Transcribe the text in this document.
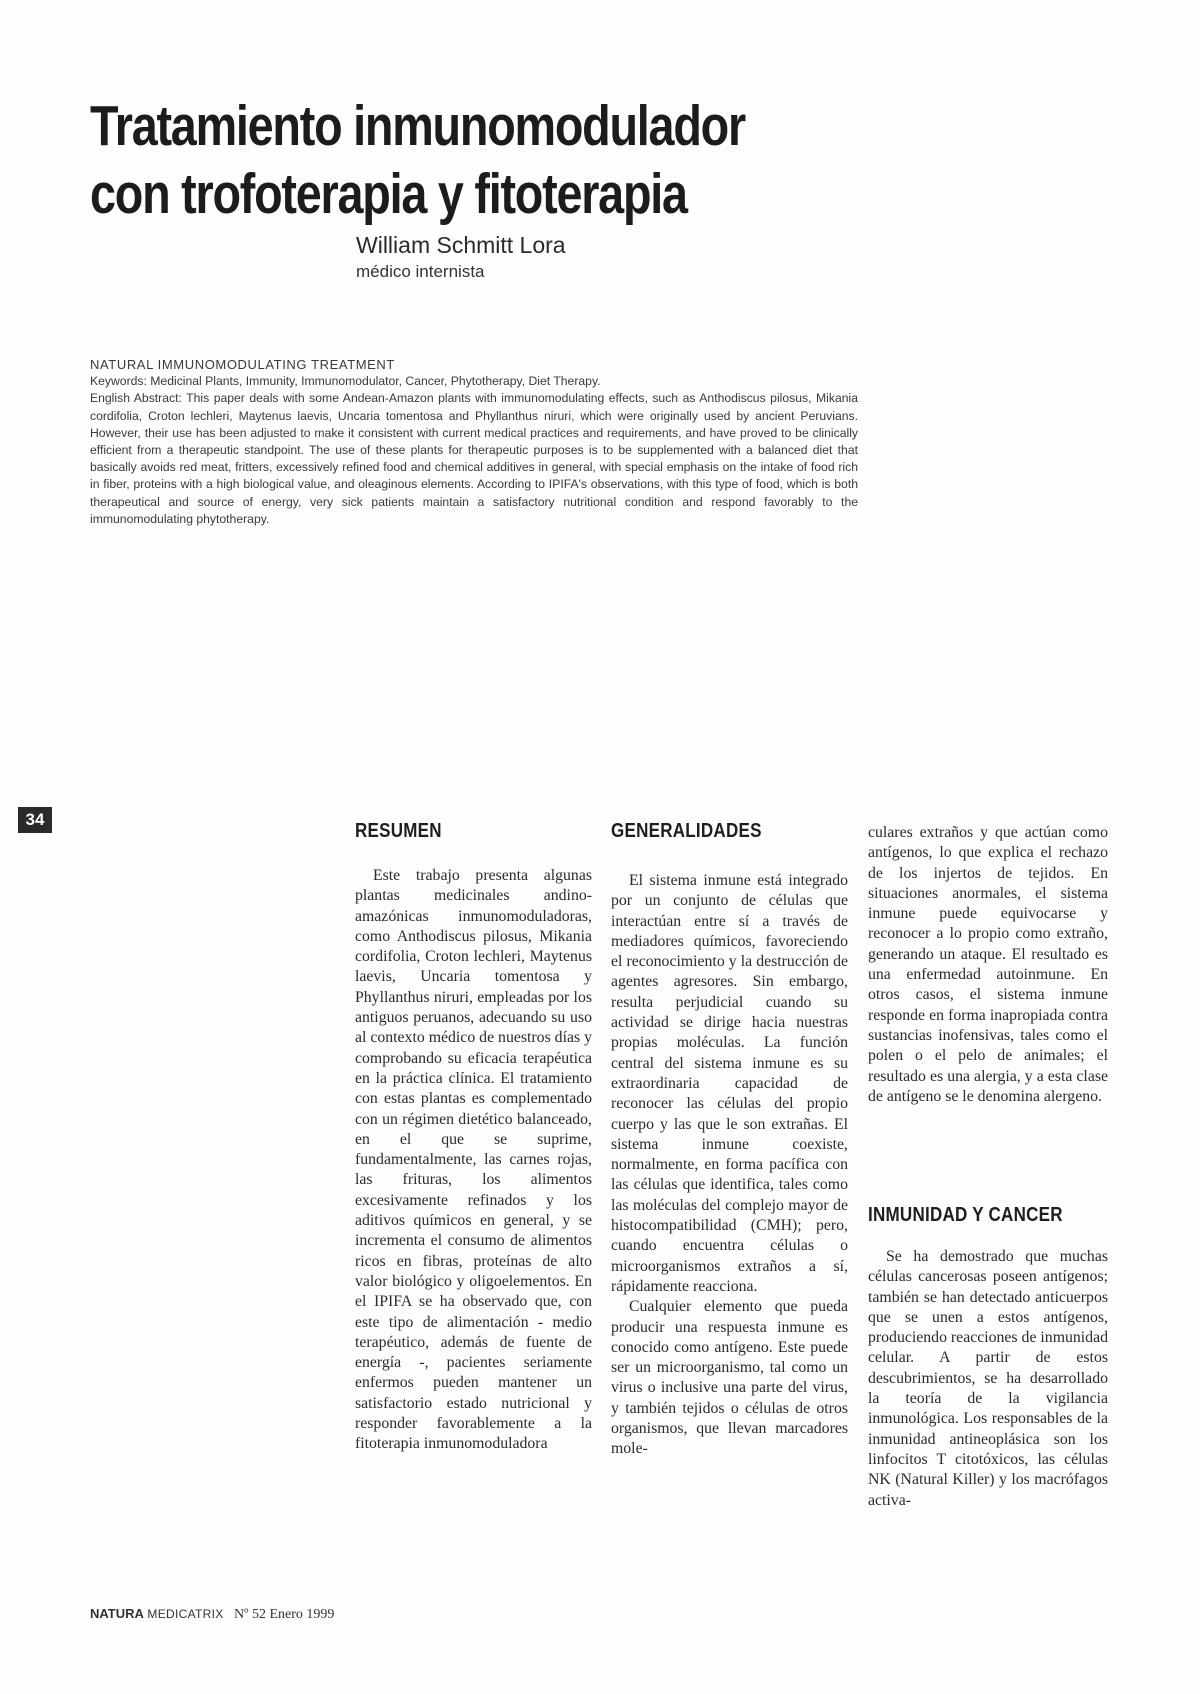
Tratamiento inmunomodulador
con trofoterapia y fitoterapia
William Schmitt Lora
médico internista

NATURAL IMMUNOMODULATING TREATMENT

Keywords: Medicinal Plants, Immunity, Immunomodulator, Cancer, Phytotherapy, Diet Therapy.

English Abstract: This paper deals with some Andean-Amazon plants with immunomodulating effects, such as Anthodiscus pilosus, Mikania cordifolia, Croton lechleri, Maytenus laevis, Uncaria tomentosa and Phyllanthus niruri, which were originally used by ancient Peruvians. However, their use has been adjusted to make it consistent with current medical practices and requirements, and have proved to be clinically efficient from a therapeutic standpoint. The use of these plants for therapeutic purposes is to be supplemented with a balanced diet that basically avoids red meat, fritters, excessively refined food and chemical additives in general, with special emphasis on the intake of food rich in fiber, proteins with a high biological value, and oleaginous elements. According to IPIFA's observations, with this type of food, which is both therapeutical and source of energy, very sick patients maintain a satisfactory nutritional condition and respond favorably to the immunomodulating phytotherapy.

34
RESUMEN	GENERALIDADES

Este trabajo presenta algunas plantas medicinales andino-amazónicas inmunomoduladoras, como Anthodiscus pilosus, Mikania cordifolia, Croton lechleri, Maytenus laevis, Uncaria tomentosa y Phyllanthus niruri, empleadas por los antiguos peruanos, adecuando su uso al contexto médico de nuestros días y comprobando su eficacia terapéutica en la práctica clínica. El tratamiento con estas plantas es complementado con un régimen dietético balanceado, en el que se suprime, fundamentalmente, las carnes rojas, las frituras, los alimentos excesivamente refinados y los aditivos químicos en general, y se incrementa el consumo de alimentos ricos en fibras, proteínas de alto valor biológico y oligoelementos. En el IPIFA se ha observado que, con este tipo de alimentación - medio terapéutico, además de fuente de energía -, pacientes seriamente enfermos pueden mantener un satisfactorio estado nutricional y responder favorablemente a la fitoterapia inmunomoduladora

El sistema inmune está integrado por un conjunto de células que interactúan entre sí a través de mediadores químicos, favoreciendo el reconocimiento y la destrucción de agentes agresores. Sin embargo, resulta perjudicial cuando su actividad se dirige hacia nuestras propias moléculas. La función central del sistema inmune es su extraordinaria capacidad de reconocer las células del propio cuerpo y las que le son extrañas. El sistema inmune coexiste, normalmente, en forma pacífica con las células que identifica, tales como las moléculas del complejo mayor de histocompatibilidad (CMH); pero, cuando encuentra células o microorganismos extraños a sí, rápidamente reacciona.

Cualquier elemento que pueda producir una respuesta inmune es conocido como antígeno. Este puede ser un microorganismo, tal como un virus o inclusive una parte del virus, y también tejidos o células de otros organismos, que llevan marcadores mole-

culares extraños y que actúan como antígenos, lo que explica el rechazo de los injertos de tejidos. En situaciones anormales, el sistema inmune puede equivocarse y reconocer a lo propio como extraño, generando un ataque. El resultado es una enfermedad autoinmune. En otros casos, el sistema inmune responde en forma inapropiada contra sustancias inofensivas, tales como el polen o el pelo de animales; el resultado es una alergia, y a esta clase de antígeno se le denomina alergeno.

INMUNIDAD Y CANCER

Se ha demostrado que muchas células cancerosas poseen antígenos; también se han detectado anticuerpos que se unen a estos antígenos, produciendo reacciones de inmunidad celular. A partir de estos descubrimientos, se ha desarrollado la teoría de la vigilancia inmunológica. Los responsables de la inmunidad antineoplásica son los linfocitos T citotóxicos, las células NK (Natural Killer) y los macrófagos activa-

NATURA MEDICATRIX Nº 52 Enero 1999
